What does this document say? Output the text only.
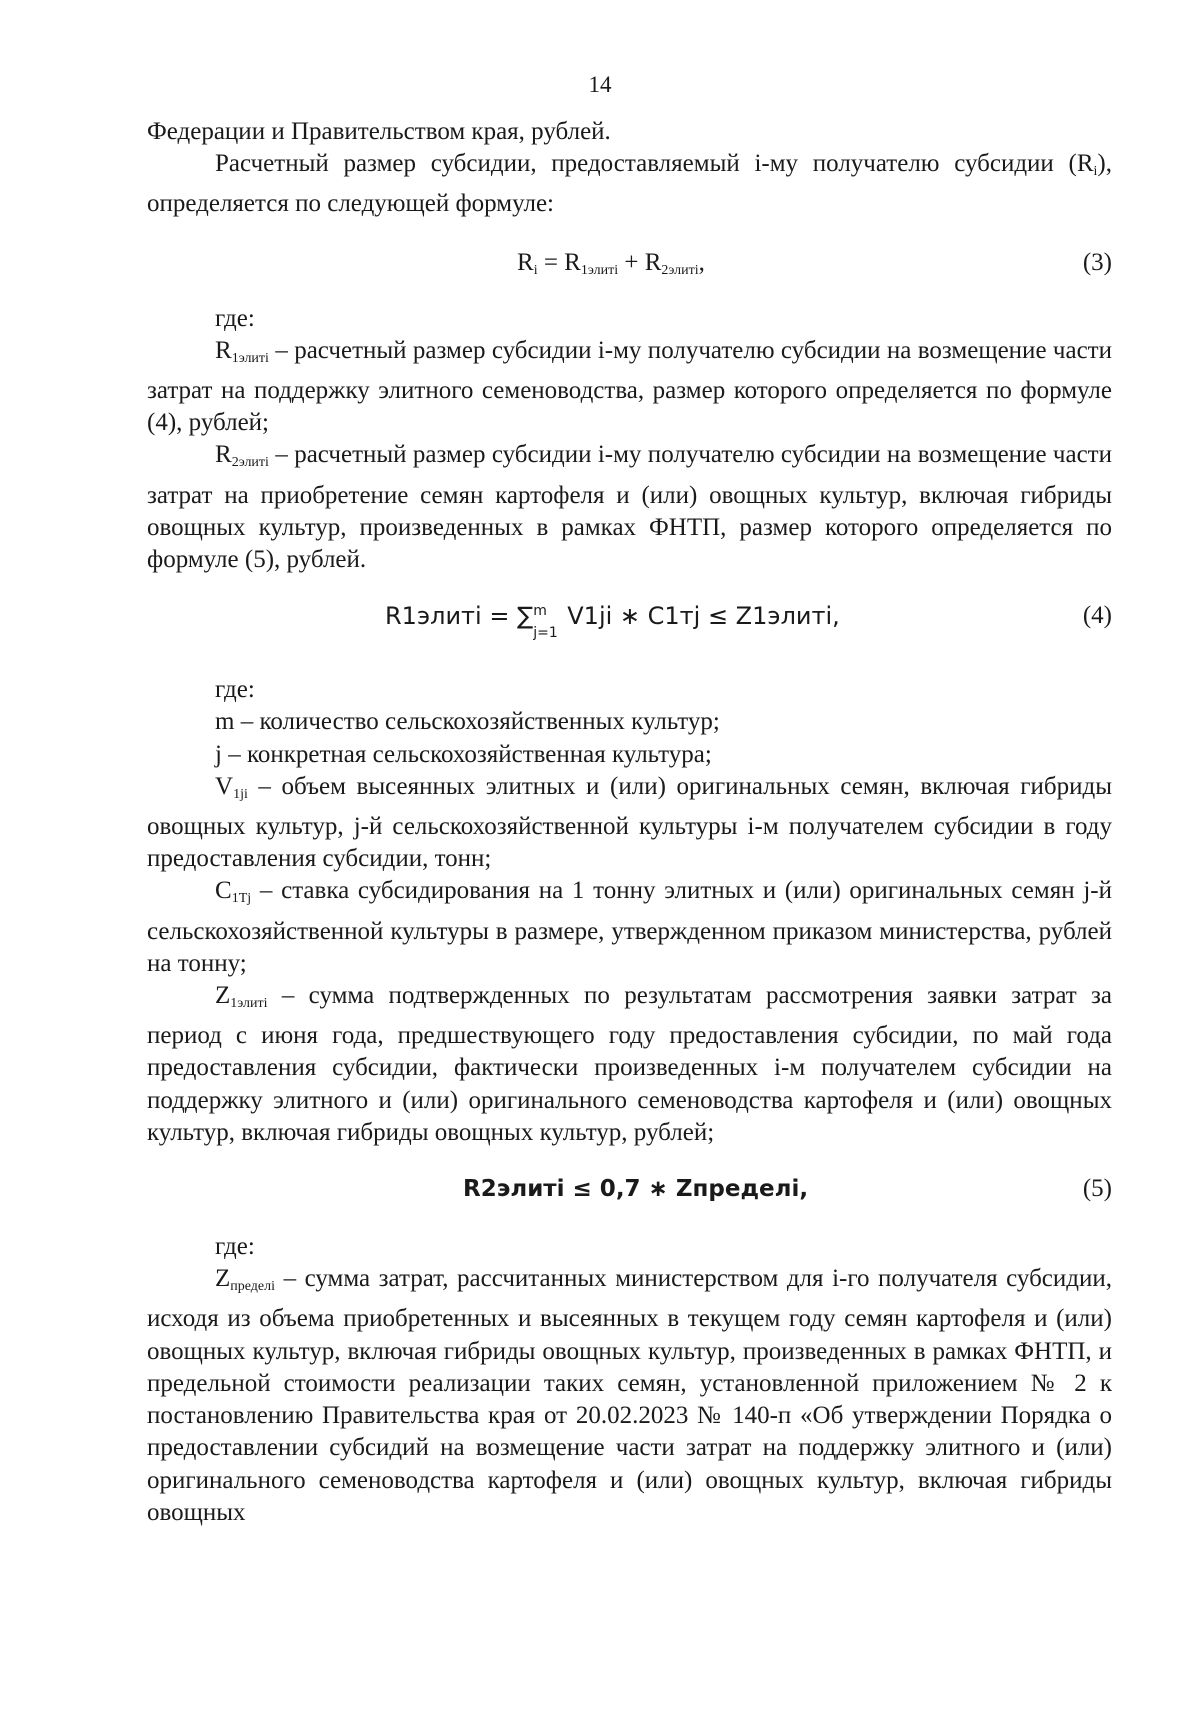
14

Федерации и Правительством края, рублей.

Расчетный размер субсидии, предоставляемый i-му получателю субсидии $(R_i)$, определяется по следующей формуле:

$R_i = R_{1элитi} + R_{2элитi}$,	(3)

где:

$R_{1элитi}$ – расчетный размер субсидии i-му получателю субсидии на возмещение части затрат на поддержку элитного семеноводства, размер которого определяется по формуле (4), рублей;

$R_{2элитi}$ – расчетный размер субсидии i-му получателю субсидии на возмещение части затрат на приобретение семян картофеля и (или) овощных культур, включая гибриды овощных культур, произведенных в рамках ФНТП, размер которого определяется по формуле (5), рублей.

R1элитi = ∑ m
j=1
V1ji ∗ C1тj ≤ Z1элитi,	(4)

где:

m – количество сельскохозяйственных культур;

j – конкретная сельскохозяйственная культура;

$V_{1ji}$ – объем высеянных элитных и (или) оригинальных семян, включая гибриды овощных культур, j-й сельскохозяйственной культуры i-м получателем субсидии в году предоставления субсидии, тонн;

$C_{1Тj}$ – ставка субсидирования на 1 тонну элитных и (или) оригинальных семян j-й сельскохозяйственной культуры в размере, утвержденном приказом министерства, рублей на тонну;

$Z_{1элитi}$ – сумма подтвержденных по результатам рассмотрения заявки затрат за период с июня года, предшествующего году предоставления субсидии, по май года предоставления субсидии, фактически произведенных i-м получателем субсидии на поддержку элитного и (или) оригинального семеноводства картофеля и (или) овощных культур, включая гибриды овощных культур, рублей;

R2элитi ≤ 0,7 ∗ Zпределi,	(5)

где:

$Z_{пределi}$ – сумма затрат, рассчитанных министерством для i-го получателя субсидии, исходя из объема приобретенных и высеянных в текущем году семян картофеля и (или) овощных культур, включая гибриды овощных культур, произведенных в рамках ФНТП, и предельной стоимости реализации таких семян, установленной приложением № 2 к постановлению Правительства края от 20.02.2023 № 140-п «Об утверждении Порядка о предоставлении субсидий на возмещение части затрат на поддержку элитного и (или) оригинального семеноводства картофеля и (или) овощных культур, включая гибриды овощных
